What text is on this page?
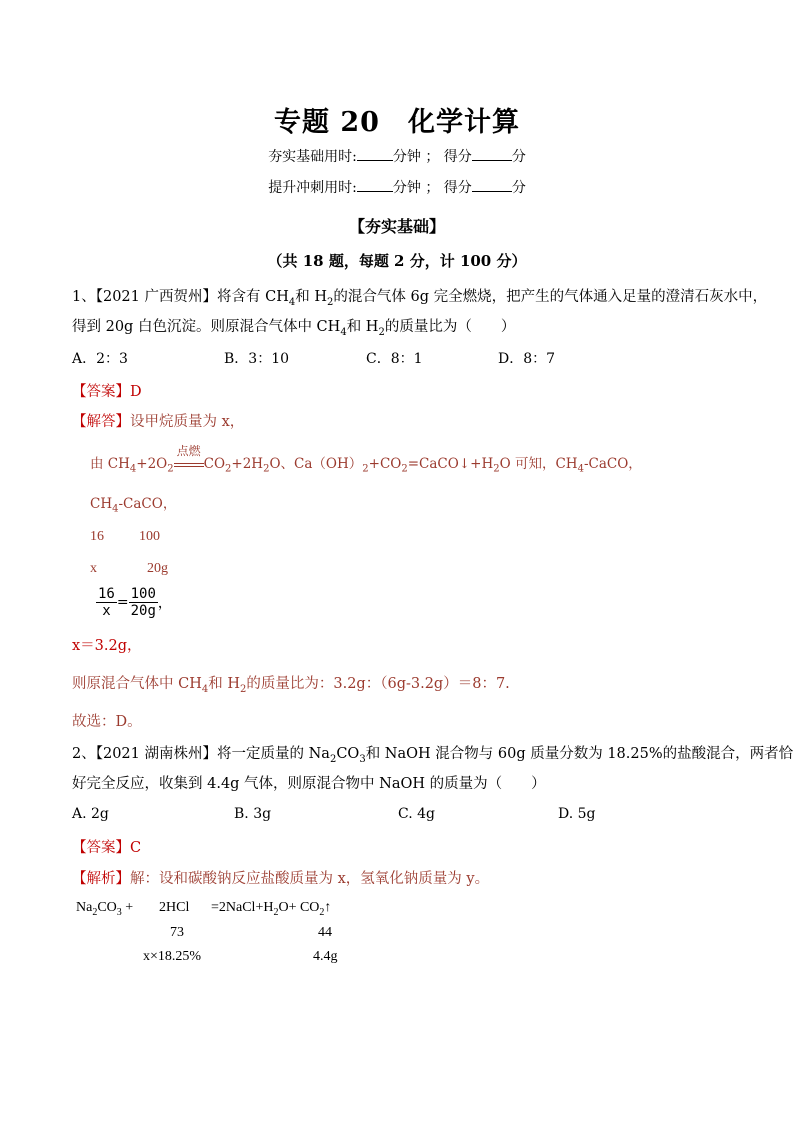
专题 20　化学计算
夯实基础用时:	分钟 ； 得分	分
提升冲刺用时:	分钟 ； 得分	分
【夯实基础】
（共 18 题，每题 2 分，计 100 分）
1、【2021 广西贺州】将含有 $CH_4$和 $H_2$的混合气体 6g 完全燃烧，把产生的气体通入足量的澄清石灰水中，
得到 20g 白色沉淀。则原混合气体中 $CH_4$和 $H_2$的质量比为（　　）
A．2：3	B．3：10	C．8：1	D．8：7
【答案】D
【解答】设甲烷质量为 x，
由 $CH_4+2O_2$
点燃
$CO_2+2H_2O$、$Ca(OH)_2+CO_2=CaCO↓+H_2O$ 可知，$CH_4$-CaCO，
$CH_4$-CaCO，
16	100
x	20g
$\frac{16}{x} = \frac{100}{20g}$ ，
x＝3.2g，
则原混合气体中 $CH_4$和 $H_2$的质量比为：3.2g：（6g-3.2g）＝8：7.
故选：D。
2、【2021 湖南株州】将一定质量的 $Na_2CO_3$和 NaOH 混合物与 60g 质量分数为 18.25%的盐酸混合，两者恰
好完全反应，收集到 4.4g 气体，则原混合物中 NaOH 的质量为（　　）
A. 2g	B. 3g	C. 4g	D. 5g
【答案】C
【解析】解：设和碳酸钠反应盐酸质量为 x，氢氧化钠质量为 y。
$Na_2CO_3 + 2HCl$ $=2NaCl+H_2O+$ $CO_2↑$
73	44
x×18.25%	4.4g
